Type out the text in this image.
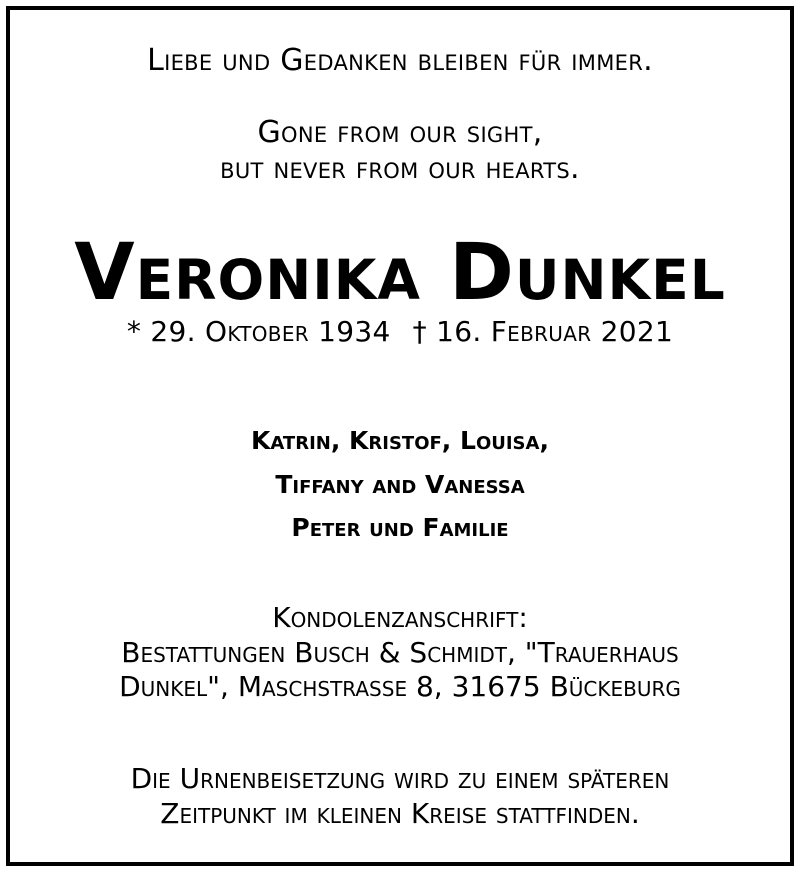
Liebe und Gedanken bleiben für immer.
Gone from our sight,
but never from our hearts.
Veronika Dunkel
* 29. Oktober 1934 † 16. Februar 2021
Katrin, Kristof, Louisa,
Tiffany and Vanessa
Peter und Familie
Kondolenzanschrift:
Bestattungen Busch & Schmidt, "Trauerhaus
Dunkel", Maschstrasse 8, 31675 Bückeburg
Die Urnenbeisetzung wird zu einem späteren
Zeitpunkt im kleinen Kreise stattfinden.
